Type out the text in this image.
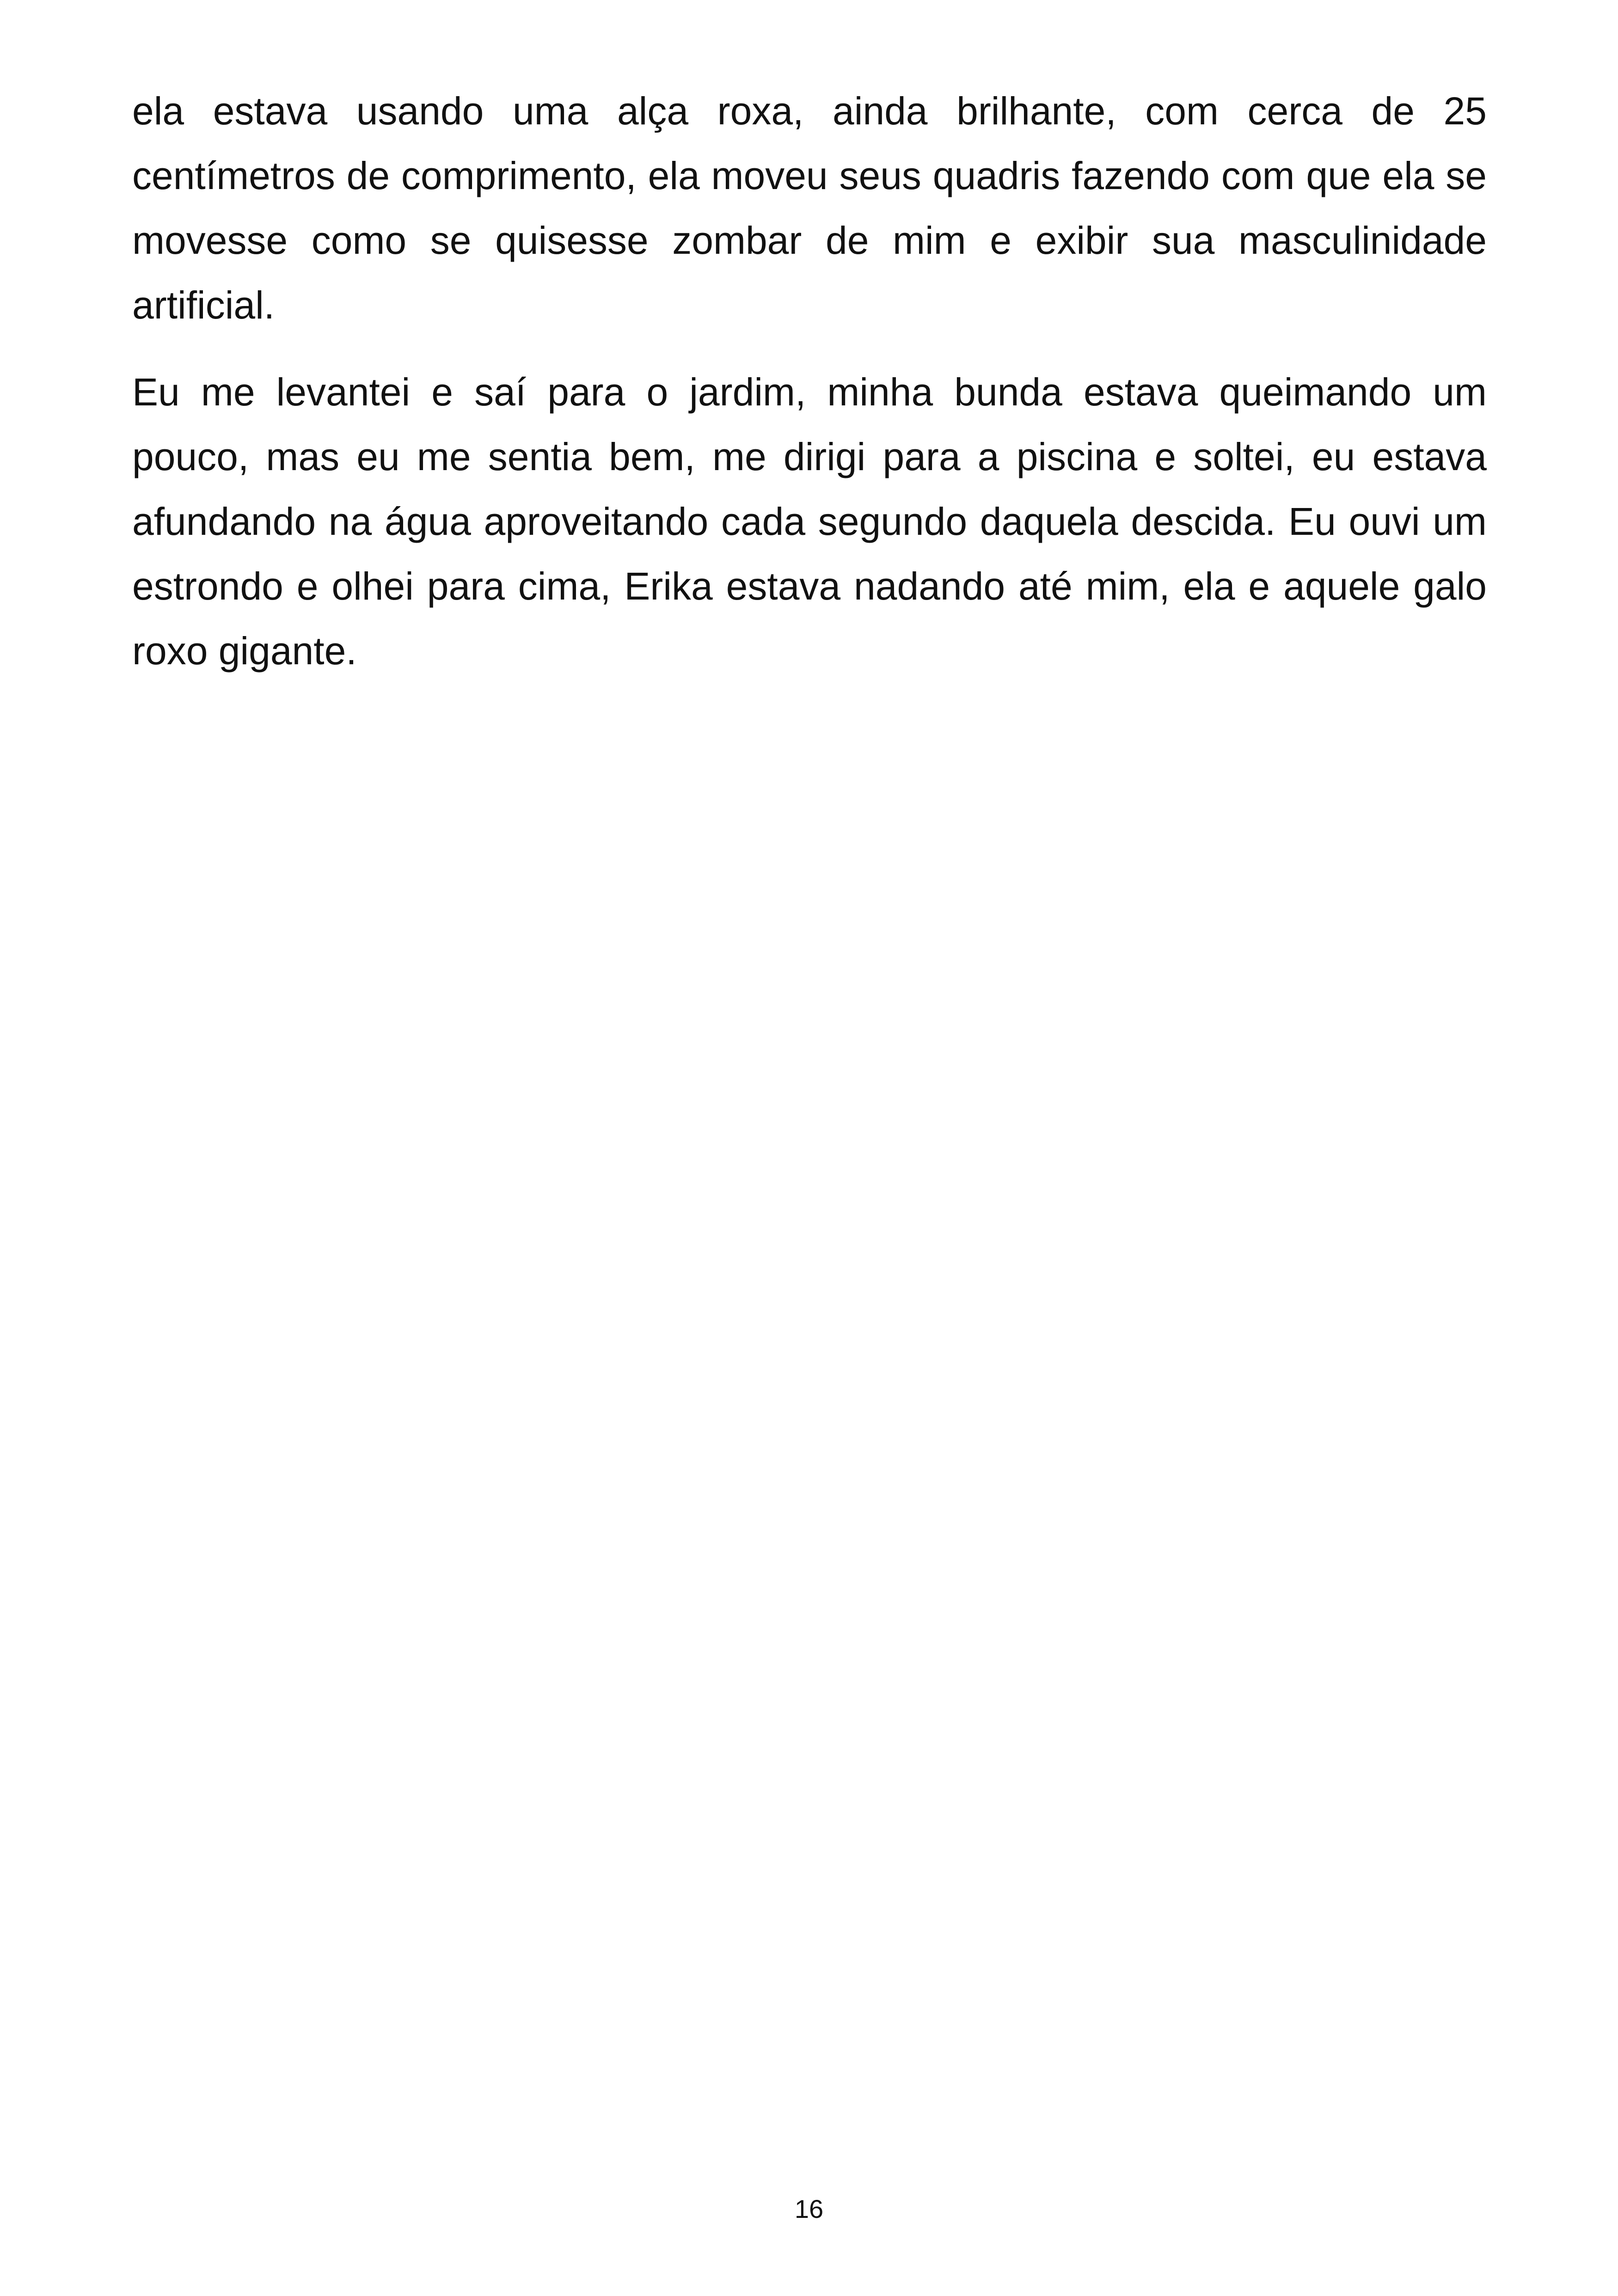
ela estava usando uma alça roxa, ainda brilhante, com cerca de 25 centímetros de comprimento, ela moveu seus quadris fazendo com que ela se movesse como se quisesse zombar de mim e exibir sua masculinidade artificial.

Eu me levantei e saí para o jardim, minha bunda estava queimando um pouco, mas eu me sentia bem, me dirigi para a piscina e soltei, eu estava afundando na água aproveitando cada segundo daquela descida. Eu ouvi um estrondo e olhei para cima, Erika estava nadando até mim, ela e aquele galo roxo gigante.

16
